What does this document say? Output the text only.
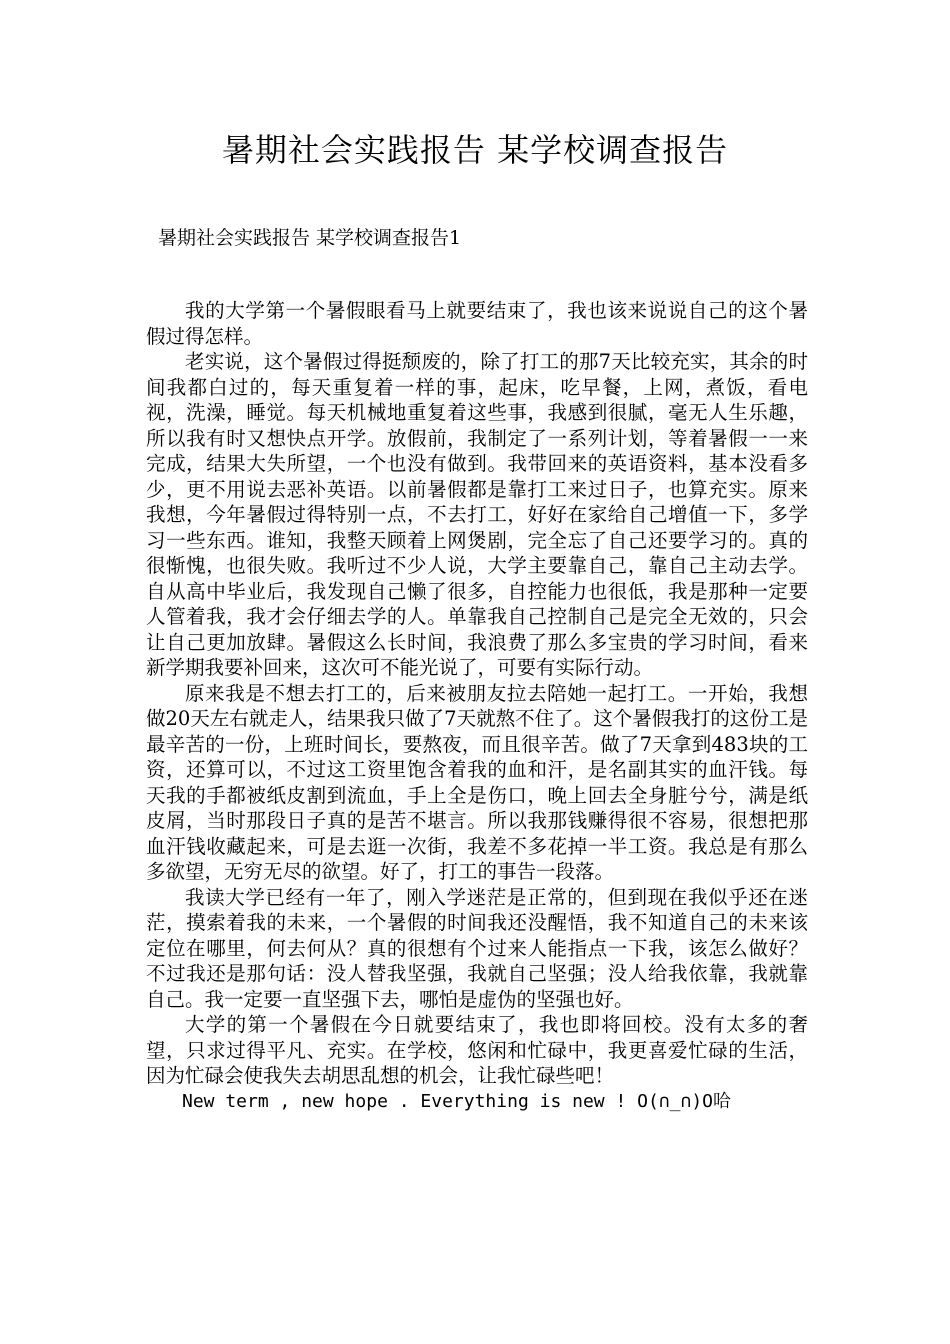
暑期社会实践报告 某学校调查报告
暑期社会实践报告 某学校调查报告1

我的大学第一个暑假眼看马上就要结束了，我也该来说说自己的这个暑假过得怎样。

老实说，这个暑假过得挺颓废的，除了打工的那7天比较充实，其余的时间我都白过的，每天重复着一样的事，起床，吃早餐，上网，煮饭，看电视，洗澡，睡觉。每天机械地重复着这些事，我感到很腻，毫无人生乐趣，所以我有时又想快点开学。放假前，我制定了一系列计划，等着暑假一一来完成，结果大失所望，一个也没有做到。我带回来的英语资料，基本没看多少，更不用说去恶补英语。以前暑假都是靠打工来过日子，也算充实。原来我想，今年暑假过得特别一点，不去打工，好好在家给自己增值一下，多学习一些东西。谁知，我整天顾着上网煲剧，完全忘了自己还要学习的。真的很惭愧，也很失败。我听过不少人说，大学主要靠自己，靠自己主动去学。自从高中毕业后，我发现自己懒了很多，自控能力也很低，我是那种一定要人管着我，我才会仔细去学的人。单靠我自己控制自己是完全无效的，只会让自己更加放肆。暑假这么长时间，我浪费了那么多宝贵的学习时间，看来新学期我要补回来，这次可不能光说了，可要有实际行动。

原来我是不想去打工的，后来被朋友拉去陪她一起打工。一开始，我想做20天左右就走人，结果我只做了7天就熬不住了。这个暑假我打的这份工是最辛苦的一份，上班时间长，要熬夜，而且很辛苦。做了7天拿到483块的工资，还算可以，不过这工资里饱含着我的血和汗，是名副其实的血汗钱。每天我的手都被纸皮割到流血，手上全是伤口，晚上回去全身脏兮兮，满是纸皮屑，当时那段日子真的是苦不堪言。所以我那钱赚得很不容易，很想把那血汗钱收藏起来，可是去逛一次街，我差不多花掉一半工资。我总是有那么多欲望，无穷无尽的欲望。好了，打工的事告一段落。

我读大学已经有一年了，刚入学迷茫是正常的，但到现在我似乎还在迷茫，摸索着我的未来，一个暑假的时间我还没醒悟，我不知道自己的未来该定位在哪里，何去何从？真的很想有个过来人能指点一下我，该怎么做好？不过我还是那句话：没人替我坚强，我就自己坚强；没人给我依靠，我就靠自己。我一定要一直坚强下去，哪怕是虚伪的坚强也好。

大学的第一个暑假在今日就要结束了，我也即将回校。没有太多的奢望，只求过得平凡、充实。在学校，悠闲和忙碌中，我更喜爱忙碌的生活，因为忙碌会使我失去胡思乱想的机会，让我忙碌些吧！

New term , new hope . Everything is new ! O(∩_∩)O哈
